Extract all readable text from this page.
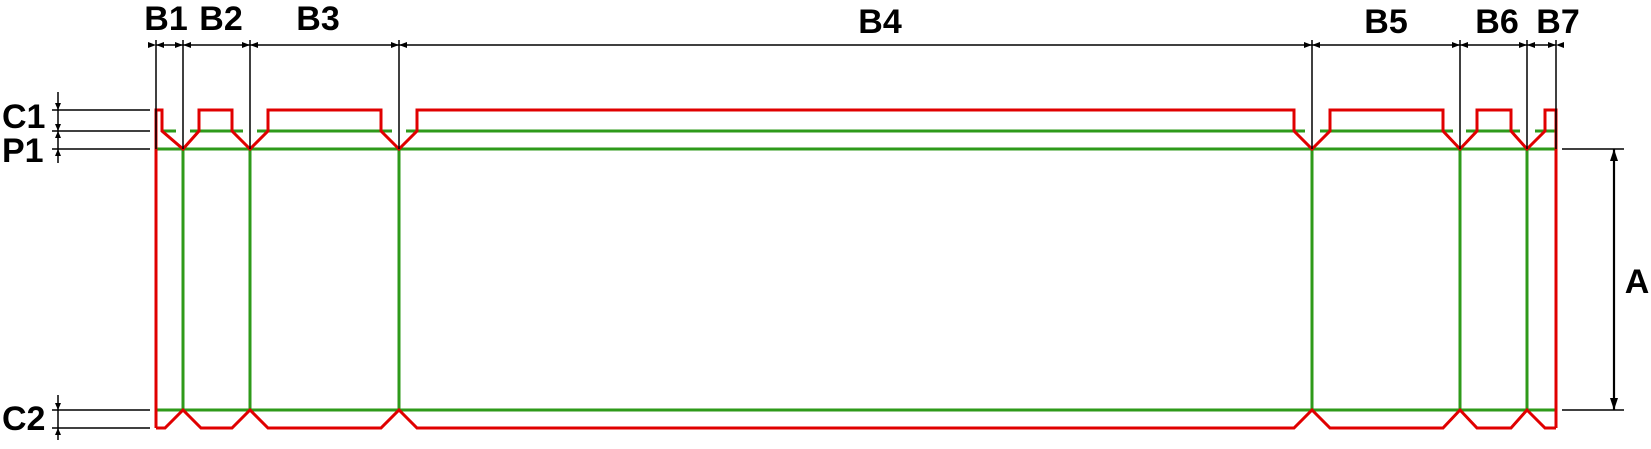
B1 B2 B3	B4	B5 B6 B7
C1
P1
C2
A
